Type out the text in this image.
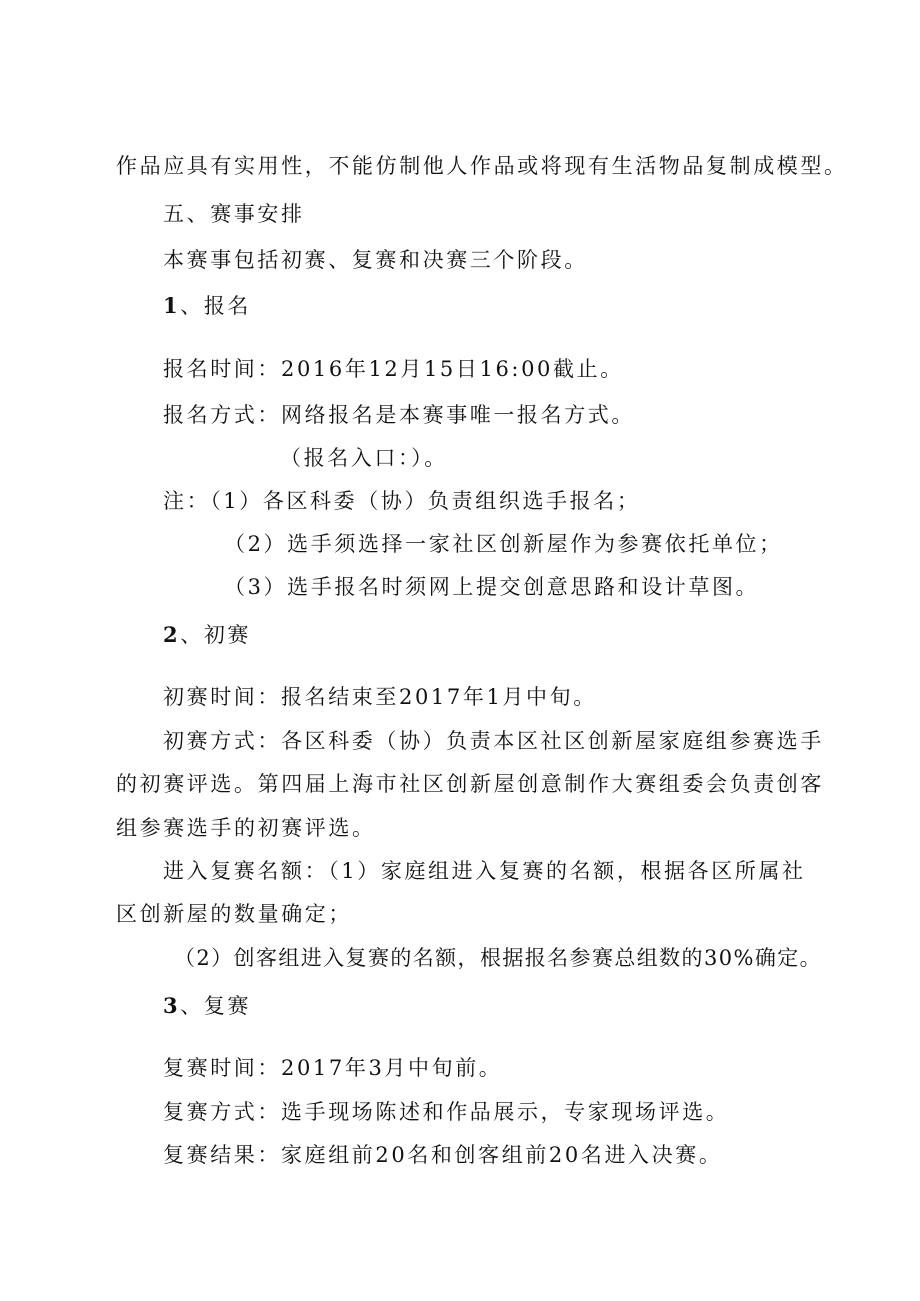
作品应具有实用性，不能仿制他人作品或将现有生活物品复制成模型。
五、赛事安排
本赛事包括初赛、复赛和决赛三个阶段。
1、报名
报名时间：2016年12月15日16:00截止。
报名方式：网络报名是本赛事唯一报名方式。
（报名入口：）。
注：（1）各区科委（协）负责组织选手报名；
（2）选手须选择一家社区创新屋作为参赛依托单位；
（3）选手报名时须网上提交创意思路和设计草图。
2、初赛
初赛时间：报名结束至2017年1月中旬。
初赛方式：各区科委（协）负责本区社区创新屋家庭组参赛选手
的初赛评选。第四届上海市社区创新屋创意制作大赛组委会负责创客
组参赛选手的初赛评选。
进入复赛名额：（1）家庭组进入复赛的名额，根据各区所属社
区创新屋的数量确定；
（2）创客组进入复赛的名额，根据报名参赛总组数的30%确定。
3、复赛
复赛时间：2017年3月中旬前。
复赛方式：选手现场陈述和作品展示，专家现场评选。
复赛结果：家庭组前20名和创客组前20名进入决赛。
